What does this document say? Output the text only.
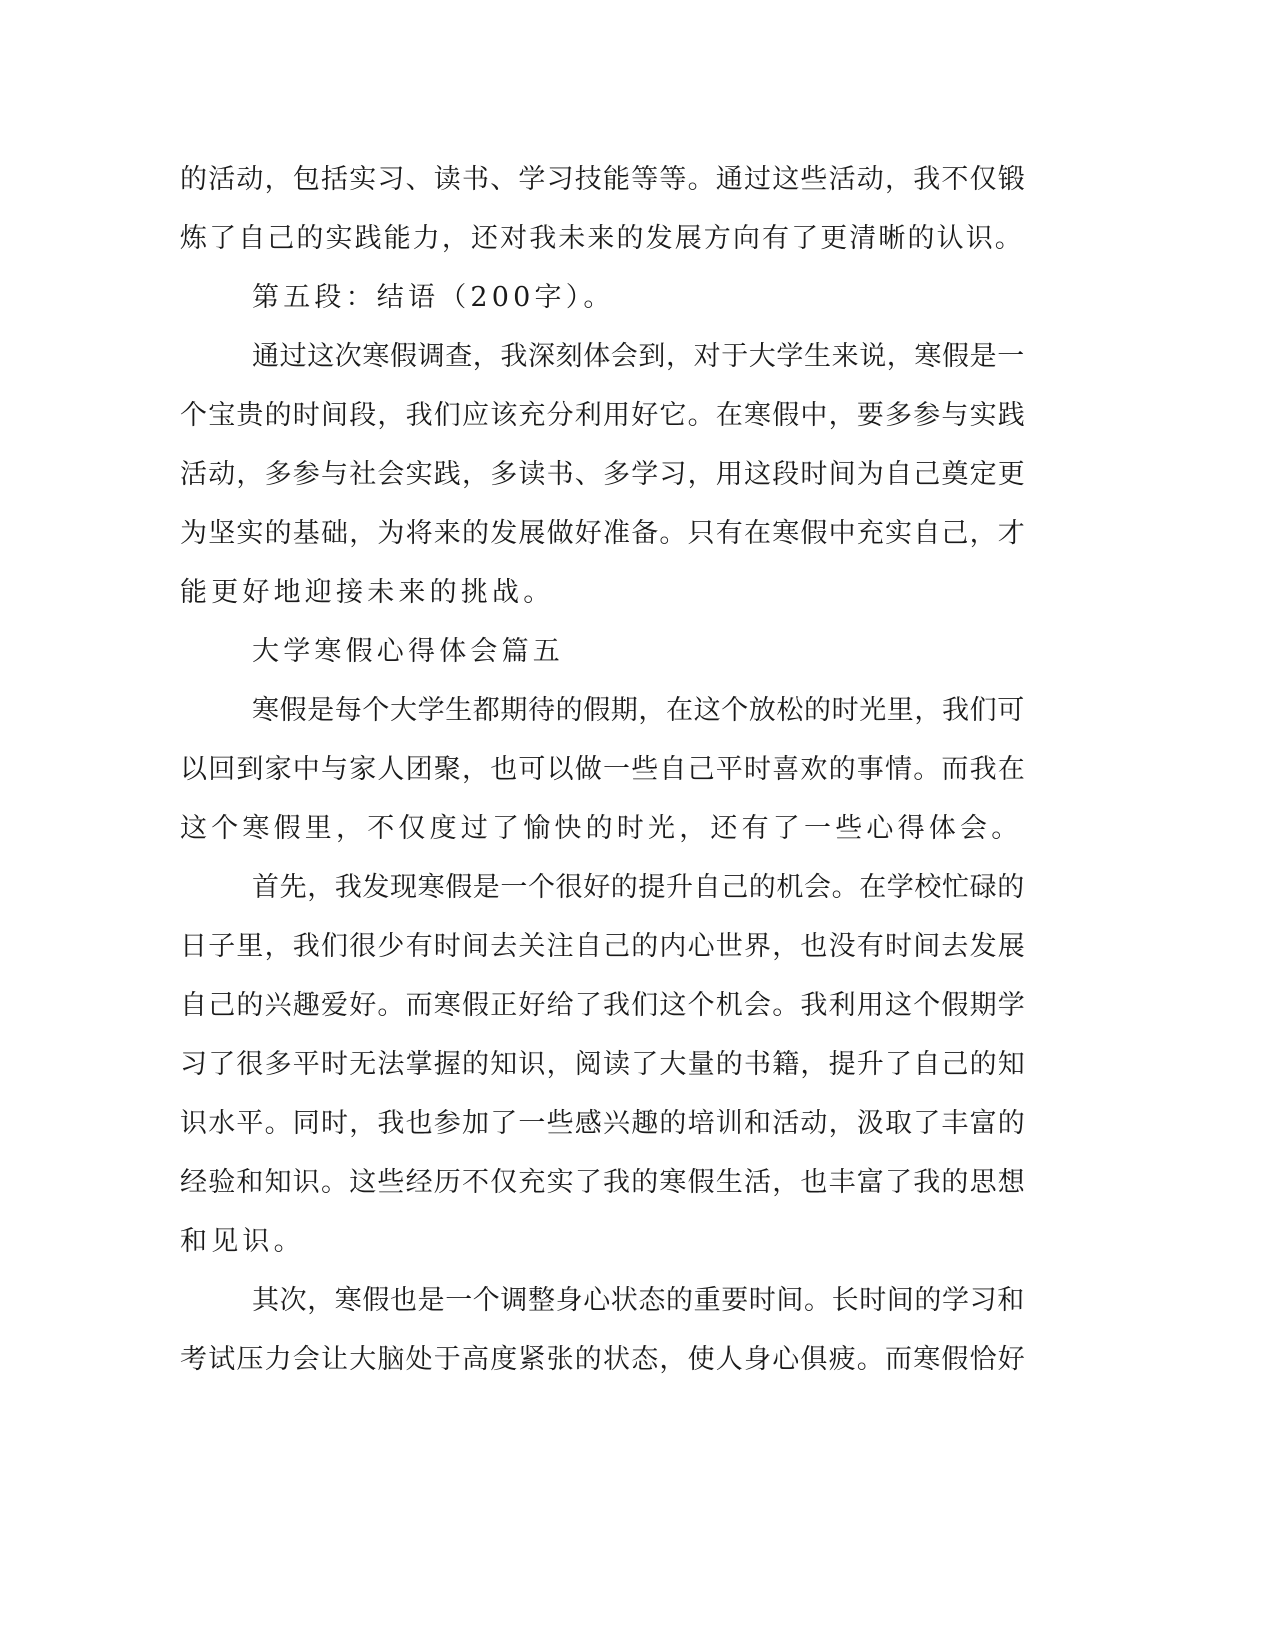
的活动，包括实习、读书、学习技能等等。通过这些活动，我不仅锻
炼了自己的实践能力，还对我未来的发展方向有了更清晰的认识。
第五段：结语（200字）。
通过这次寒假调查，我深刻体会到，对于大学生来说，寒假是一
个宝贵的时间段，我们应该充分利用好它。在寒假中，要多参与实践
活动，多参与社会实践，多读书、多学习，用这段时间为自己奠定更
为坚实的基础，为将来的发展做好准备。只有在寒假中充实自己，才
能更好地迎接未来的挑战。
大学寒假心得体会篇五
寒假是每个大学生都期待的假期，在这个放松的时光里，我们可
以回到家中与家人团聚，也可以做一些自己平时喜欢的事情。而我在
这个寒假里，不仅度过了愉快的时光，还有了一些心得体会。
首先，我发现寒假是一个很好的提升自己的机会。在学校忙碌的
日子里，我们很少有时间去关注自己的内心世界，也没有时间去发展
自己的兴趣爱好。而寒假正好给了我们这个机会。我利用这个假期学
习了很多平时无法掌握的知识，阅读了大量的书籍，提升了自己的知
识水平。同时，我也参加了一些感兴趣的培训和活动，汲取了丰富的
经验和知识。这些经历不仅充实了我的寒假生活，也丰富了我的思想
和见识。
其次，寒假也是一个调整身心状态的重要时间。长时间的学习和
考试压力会让大脑处于高度紧张的状态，使人身心俱疲。而寒假恰好
